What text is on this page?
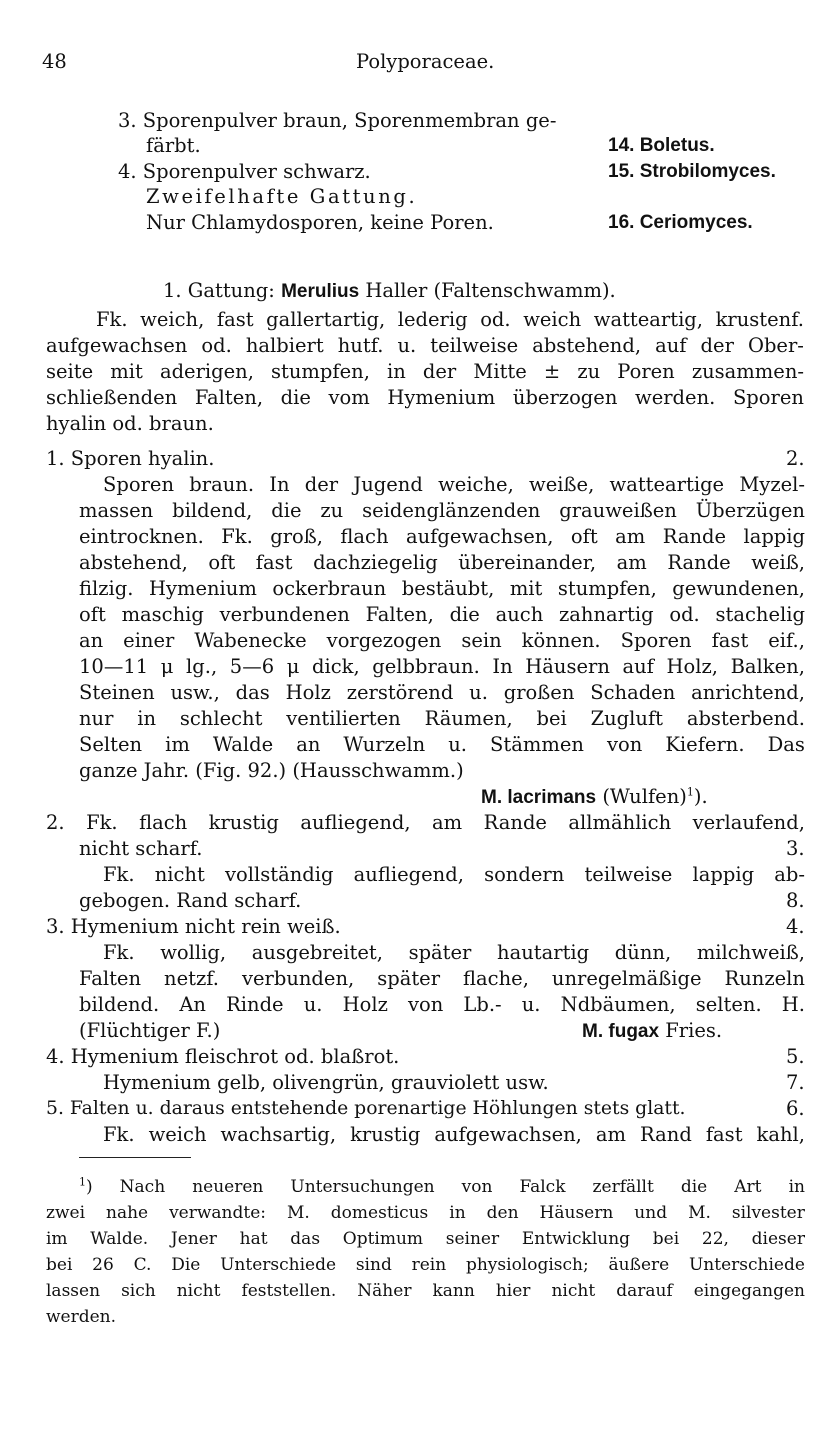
48	Polyporaceae.
3. Sporenpulver braun, Sporenmembran ge-
färbt.	14. Boletus.
4. Sporenpulver schwarz.	15. Strobilomyces.
Zweifelhafte Gattung.
Nur Chlamydosporen, keine Poren.	16. Ceriomyces.
1. Gattung: Merulius Haller (Faltenschwamm).
Fk. weich, fast gallertartig, lederig od. weich watteartig, krustenf.
aufgewachsen od. halbiert hutf. u. teilweise abstehend, auf der Ober-
seite mit aderigen, stumpfen, in der Mitte ± zu Poren zusammen-
schließenden Falten, die vom Hymenium überzogen werden. Sporen
hyalin od. braun.
1. Sporen hyalin.	2.
Sporen braun. In der Jugend weiche, weiße, watteartige Myzel-
massen bildend, die zu seidenglänzenden grauweißen Überzügen
eintrocknen. Fk. groß, flach aufgewachsen, oft am Rande lappig
abstehend, oft fast dachziegelig übereinander, am Rande weiß,
filzig. Hymenium ockerbraun bestäubt, mit stumpfen, gewundenen,
oft maschig verbundenen Falten, die auch zahnartig od. stachelig
an einer Wabenecke vorgezogen sein können. Sporen fast eif.,
10—11 μ lg., 5—6 μ dick, gelbbraun. In Häusern auf Holz, Balken,
Steinen usw., das Holz zerstörend u. großen Schaden anrichtend,
nur in schlecht ventilierten Räumen, bei Zugluft absterbend.
Selten im Walde an Wurzeln u. Stämmen von Kiefern. Das
ganze Jahr. (Fig. 92.) (Hausschwamm.)
M. lacrimans (Wulfen)$^1$).
2. Fk. flach krustig aufliegend, am Rande allmählich verlaufend,
nicht scharf.	3.
Fk. nicht vollständig aufliegend, sondern teilweise lappig ab-
gebogen. Rand scharf.	8.
3. Hymenium nicht rein weiß.	4.
Fk. wollig, ausgebreitet, später hautartig dünn, milchweiß,
Falten netzf. verbunden, später flache, unregelmäßige Runzeln
bildend. An Rinde u. Holz von Lb.- u. Ndbäumen, selten. H.
(Flüchtiger F.)	M. fugax Fries.
4. Hymenium fleischrot od. blaßrot.	5.
Hymenium gelb, olivengrün, grauviolett usw.	7.
5. Falten u. daraus entstehende porenartige Höhlungen stets glatt.	6.
Fk. weich wachsartig, krustig aufgewachsen, am Rand fast kahl,
$^1$) Nach neueren Untersuchungen von Falck zerfällt die Art in
zwei nahe verwandte: M. domesticus in den Häusern und M. silvester
im Walde. Jener hat das Optimum seiner Entwicklung bei 22, dieser
bei 26 C. Die Unterschiede sind rein physiologisch; äußere Unterschiede
lassen sich nicht feststellen. Näher kann hier nicht darauf eingegangen
werden.
